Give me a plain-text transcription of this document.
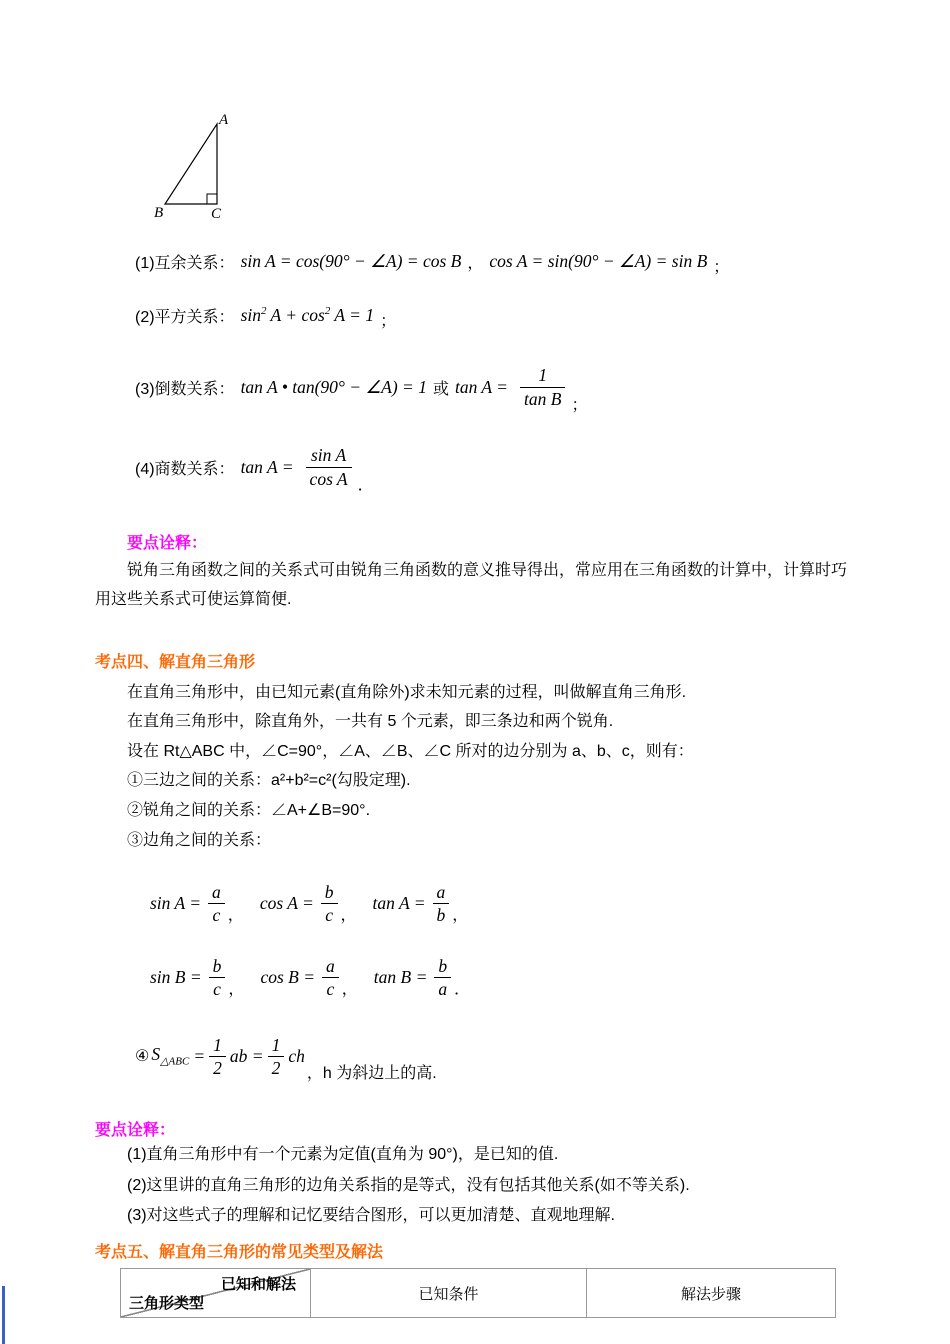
A
B	C
(1)互余关系： sin A = cos(90° − ∠A) = cos B ， cos A = sin(90° − ∠A) = sin B ；
(2)平方关系： $\sin^2 A + \cos^2 A = 1$ ；
(3)倒数关系： tan A • tan(90° − ∠A) = 1 或 $\tan A = \frac{1}{\text{tan B}}$ ；
(4)商数关系： $\tan A = \frac{\text{sin A}}{\text{cos A}}$ ．

要点诠释：

锐角三角函数之间的关系式可由锐角三角函数的意义推导得出，常应用在三角函数的计算中，计算时巧用这些关系式可使运算简便.

考点四、解直角三角形

在直角三角形中，由已知元素(直角除外)求未知元素的过程，叫做解直角三角形.

在直角三角形中，除直角外，一共有 5 个元素，即三条边和两个锐角.

设在 Rt△ABC 中，∠C=90°，∠A、∠B、∠C 所对的边分别为 a、b、c，则有：

①三边之间的关系：a²+b²=c²(勾股定理).

②锐角之间的关系：∠A+∠B=90°.

③边角之间的关系：

$\sin A = \frac{a}{c}$ ，
$\cos A = \frac{b}{c}$ ，
$\tan A = \frac{a}{b}$ ，
$\sin B = \frac{b}{c}$ ，
$\cos B = \frac{a}{c}$ ，
$\tan B = \frac{b}{a}$ ．
④ $S_{\triangle ABC} = \frac{1}{2}$ ab = $\frac{1}{2}$ ch
，h 为斜边上的高.

要点诠释：

(1)直角三角形中有一个元素为定值(直角为 90°)，是已知的值.

(2)这里讲的直角三角形的边角关系指的是等式，没有包括其他关系(如不等关系).

(3)对这些式子的理解和记忆要结合图形，可以更加清楚、直观地理解.

考点五、解直角三角形的常见类型及解法

已知和解法
三角形类型
已知条件	解法步骤
